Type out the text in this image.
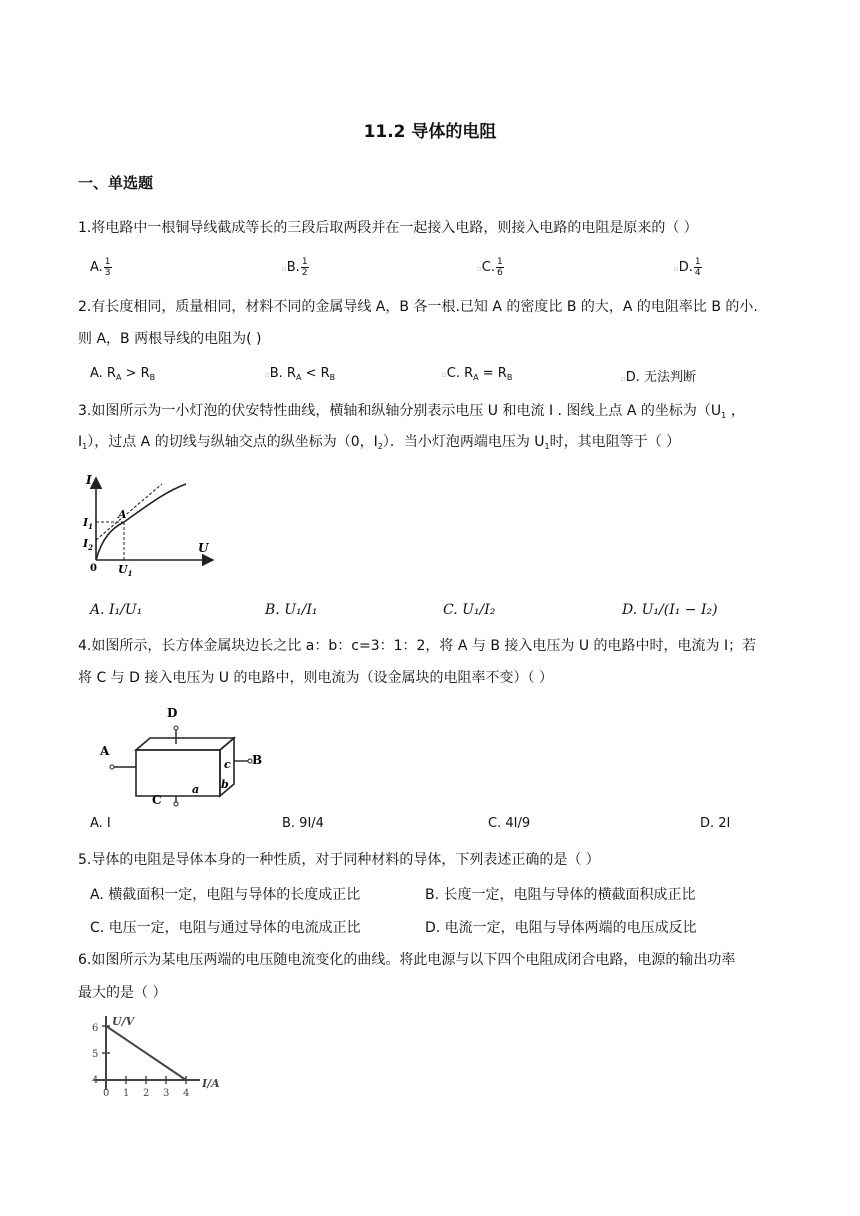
11.2 导体的电阻
一、单选题
1.将电路中一根铜导线截成等长的三段后取两段并在一起接入电路，则接入电路的电阻是原来的（ ）
A. $\frac{1}{3}$	▫B. $\frac{1}{2}$	▫C. $\frac{1}{6}$	▫D. $\frac{1}{4}$
2.有长度相同，质量相同，材料不同的金属导线 A，B 各一根.已知 A 的密度比 B 的大，A 的电阻率比 B 的小.
则 A，B 两根导线的电阻为( )
A. $R_A > R_B$	▫B. $R_A < R_B$	▫C. $R_A = R_B$	▫D. 无法判断
3.如图所示为一小灯泡的伏安特性曲线，横轴和纵轴分别表示电压 U 和电流 I . 图线上点 A 的坐标为（$U_1$ ，
$I_1$），过点 A 的切线与纵轴交点的纵坐标为（0，$I_2$）．当小灯泡两端电压为 $U_1$时，其电阻等于（ ）
I
U
A
$I_1$
$I_2$
0 $U_1$
A. I₁/U₁	B. U₁/I₁	C. U₁/I₂	D. U₁/(I₁ − I₂)
4.如图所示，长方体金属块边长之比 a：b：c=3：1：2，将 A 与 B 接入电压为 U 的电路中时，电流为 I；若
将 C 与 D 接入电压为 U 的电路中，则电流为（设金属块的电阻率不变）（ ）
A
B
C
D
a b
c
A. I	B. 9I/4	C. 4I/9	D. 2I
5.导体的电阻是导体本身的一种性质，对于同种材料的导体，下列表述正确的是（ ）
A. 横截面积一定，电阻与导体的长度成正比	B. 长度一定，电阻与导体的横截面积成正比
C. 电压一定，电阻与通过导体的电流成正比	D. 电流一定，电阻与导体两端的电压成反比
6.如图所示为某电压两端的电压随电流变化的曲线。将此电源与以下四个电阻成闭合电路，电源的输出功率
最大的是（ ）
U/V
I/A
6
5
4
0 1 2 3 4
